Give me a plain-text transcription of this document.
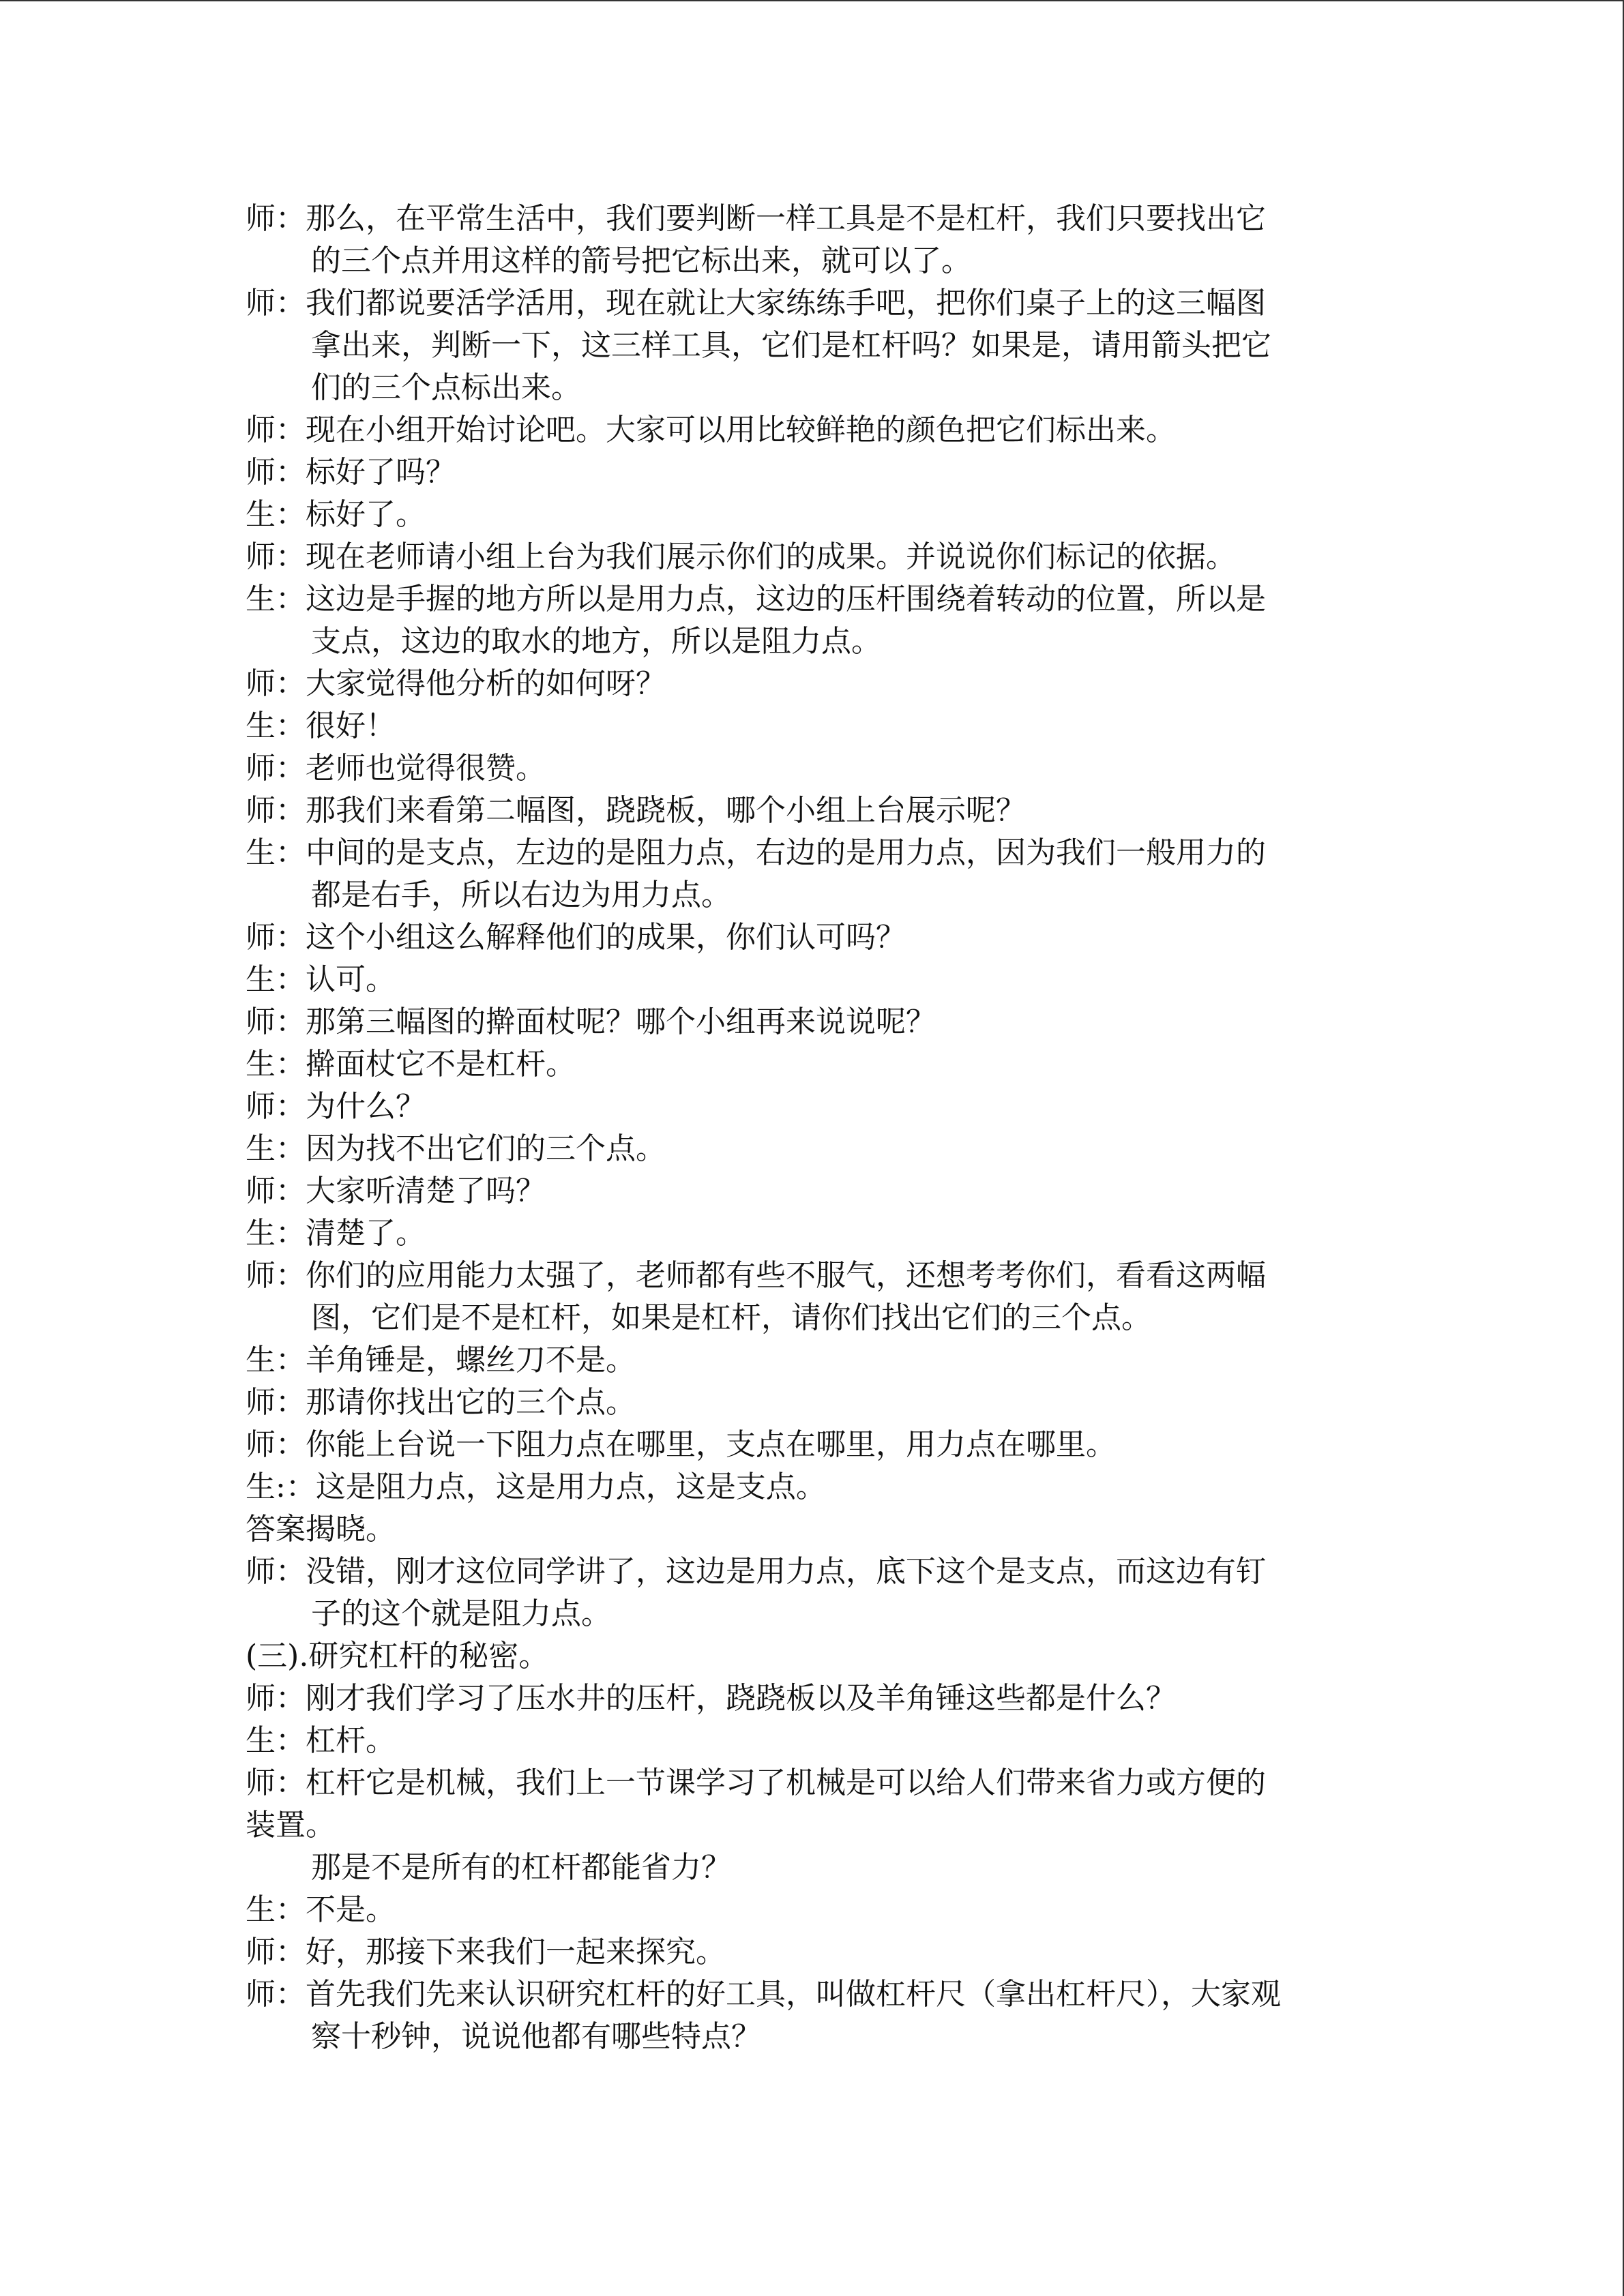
师：那么，在平常生活中，我们要判断一样工具是不是杠杆，我们只要找出它
的三个点并用这样的箭号把它标出来，就可以了。
师：我们都说要活学活用，现在就让大家练练手吧，把你们桌子上的这三幅图
拿出来，判断一下，这三样工具，它们是杠杆吗？如果是，请用箭头把它
们的三个点标出来。
师：现在小组开始讨论吧。大家可以用比较鲜艳的颜色把它们标出来。
师：标好了吗？
生：标好了。
师：现在老师请小组上台为我们展示你们的成果。并说说你们标记的依据。
生：这边是手握的地方所以是用力点，这边的压杆围绕着转动的位置，所以是
支点，这边的取水的地方，所以是阻力点。
师：大家觉得他分析的如何呀？
生：很好！
师：老师也觉得很赞。
师：那我们来看第二幅图，跷跷板，哪个小组上台展示呢？
生：中间的是支点，左边的是阻力点，右边的是用力点，因为我们一般用力的
都是右手，所以右边为用力点。
师：这个小组这么解释他们的成果，你们认可吗？
生：认可。
师：那第三幅图的擀面杖呢？哪个小组再来说说呢？
生：擀面杖它不是杠杆。
师：为什么？
生：因为找不出它们的三个点。
师：大家听清楚了吗？
生：清楚了。
师：你们的应用能力太强了，老师都有些不服气，还想考考你们，看看这两幅
图，它们是不是杠杆，如果是杠杆，请你们找出它们的三个点。
生：羊角锤是，螺丝刀不是。
师：那请你找出它的三个点。
师：你能上台说一下阻力点在哪里，支点在哪里，用力点在哪里。
生:：这是阻力点，这是用力点，这是支点。
答案揭晓。
师：没错，刚才这位同学讲了，这边是用力点，底下这个是支点，而这边有钉
子的这个就是阻力点。
(三).研究杠杆的秘密。
师：刚才我们学习了压水井的压杆，跷跷板以及羊角锤这些都是什么？
生：杠杆。
师：杠杆它是机械，我们上一节课学习了机械是可以给人们带来省力或方便的
装置。
那是不是所有的杠杆都能省力？
生：不是。
师：好，那接下来我们一起来探究。
师：首先我们先来认识研究杠杆的好工具，叫做杠杆尺（拿出杠杆尺），大家观
察十秒钟，说说他都有哪些特点？
